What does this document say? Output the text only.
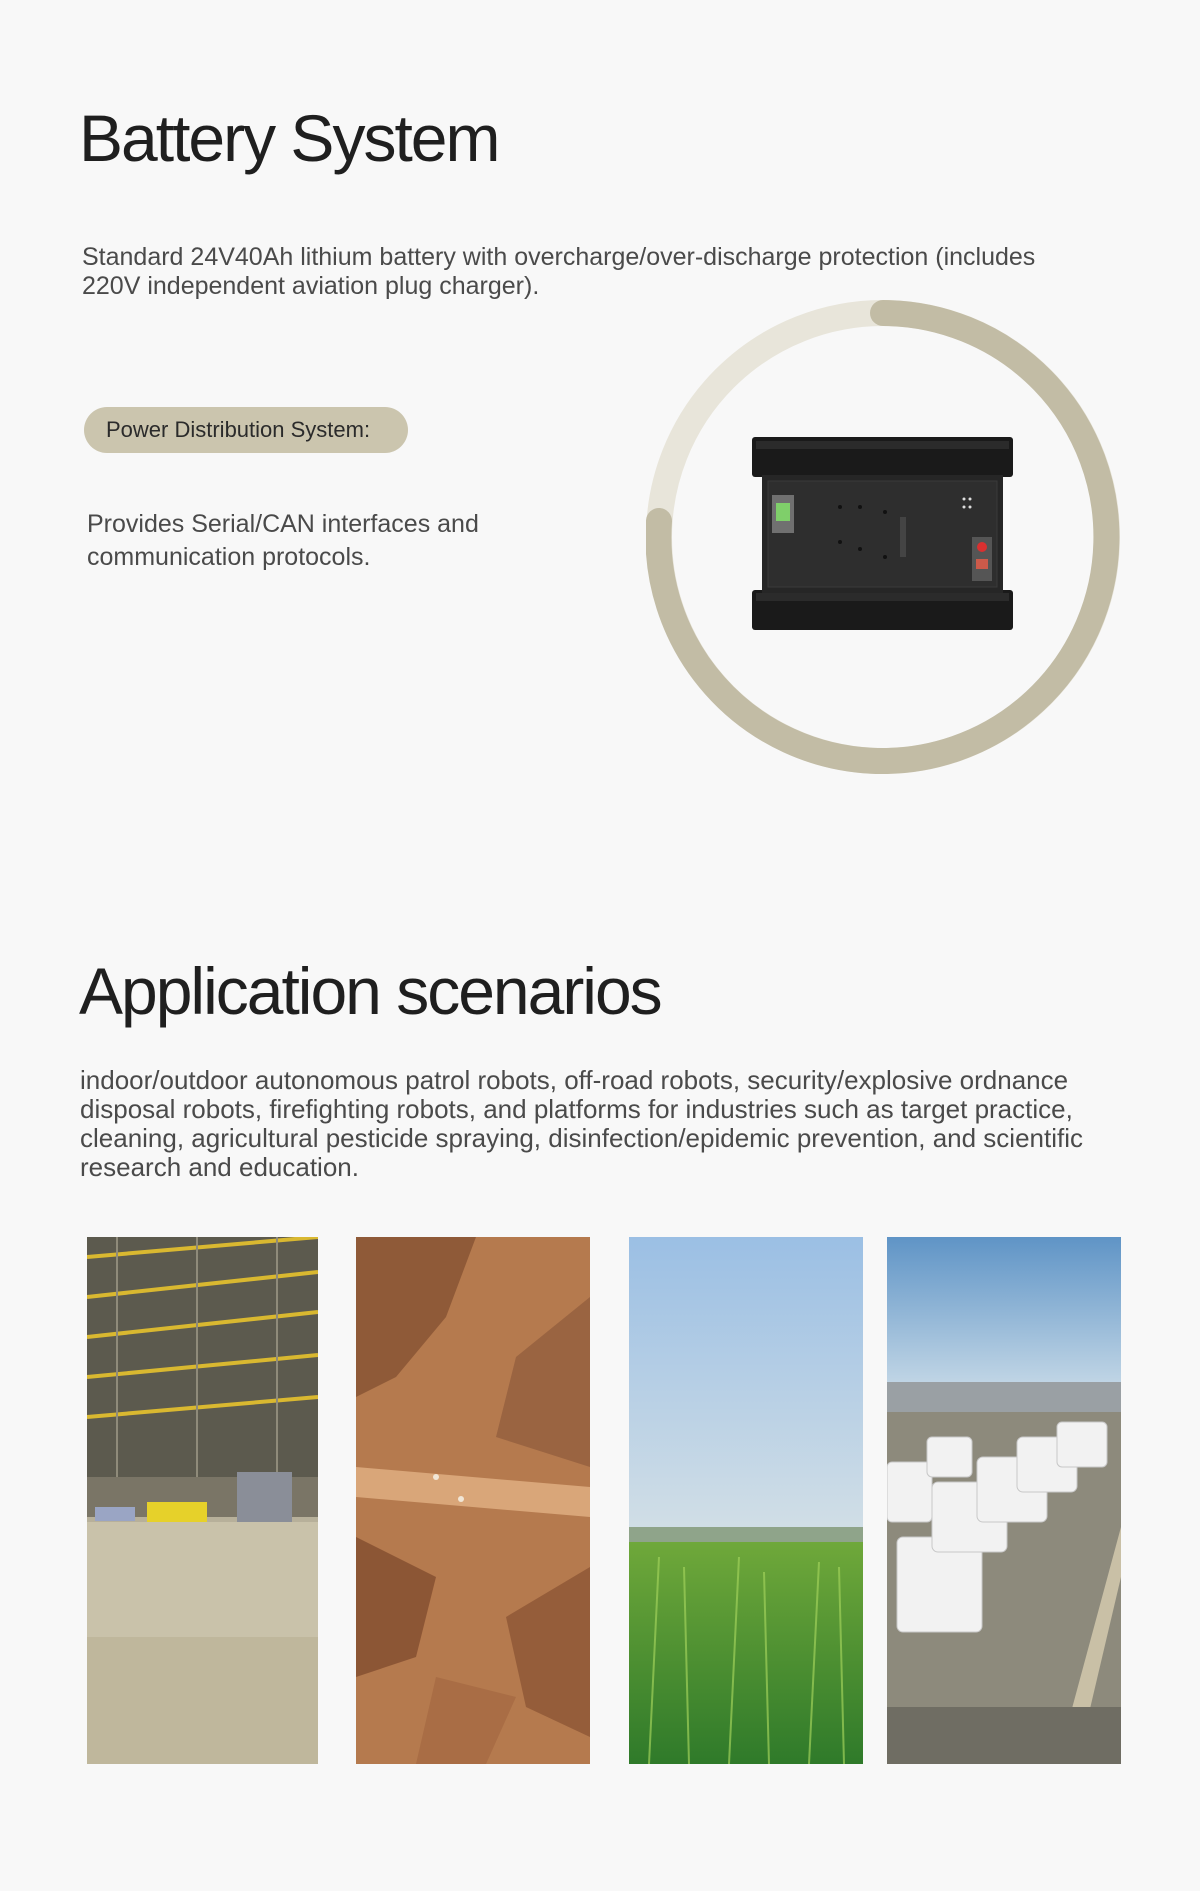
Battery System

Standard 24V40Ah lithium battery with overcharge/over-discharge protection (includes 220V independent aviation plug charger).

Power Distribution System:

Provides Serial/CAN interfaces and communication protocols.

Application scenarios

indoor/outdoor autonomous patrol robots, off-road robots, security/explosive ordnance disposal robots, firefighting robots, and platforms for industries such as target practice, cleaning, agricultural pesticide spraying, disinfection/epidemic prevention, and scientific research and education.
